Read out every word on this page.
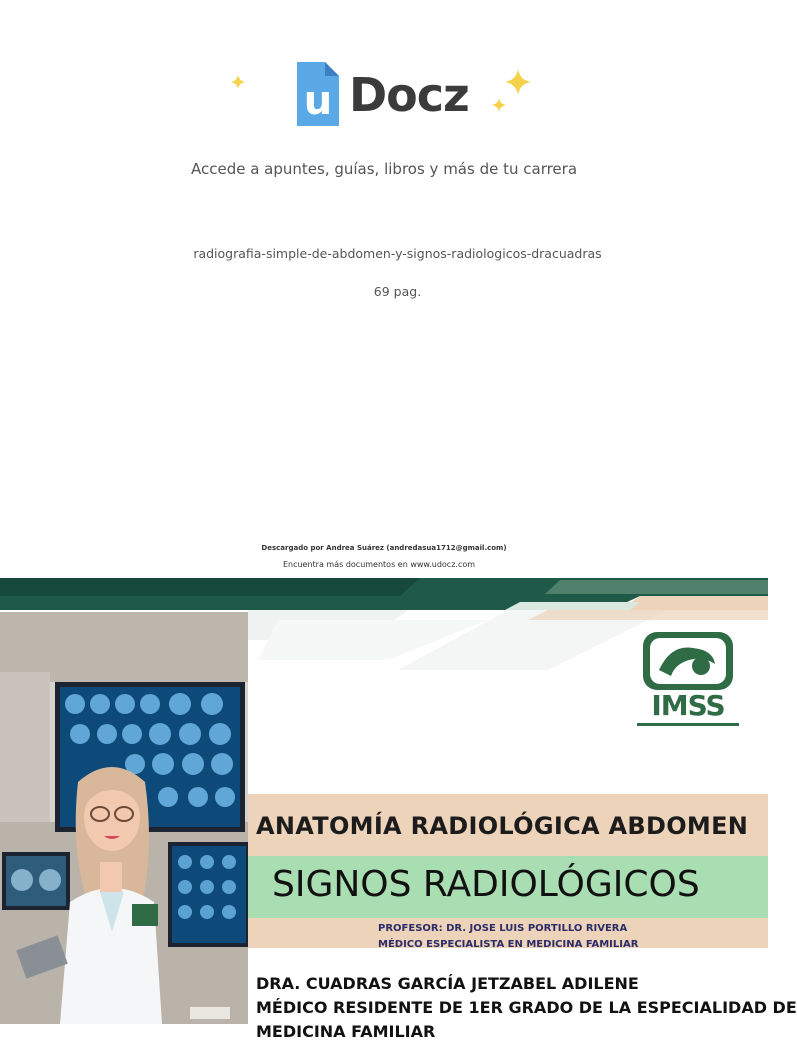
u Docz
Accede a apuntes, guías, libros y más de tu carrera
radiografia-simple-de-abdomen-y-signos-radiologicos-dracuadras
69 pag.
Descargado por Andrea Suárez (andredasua1712@gmail.com)
Encuentra más documentos en www.udocz.com
IMSS
ANATOMÍA RADIOLÓGICA ABDOMEN
SIGNOS RADIOLÓGICOS
PROFESOR: DR. JOSE LUIS PORTILLO RIVERA
MÉDICO ESPECIALISTA EN MEDICINA FAMILIAR
DRA. CUADRAS GARCÍA JETZABEL ADILENE
MÉDICO RESIDENTE DE 1ER GRADO DE LA ESPECIALIDAD DE
MEDICINA FAMILIAR
